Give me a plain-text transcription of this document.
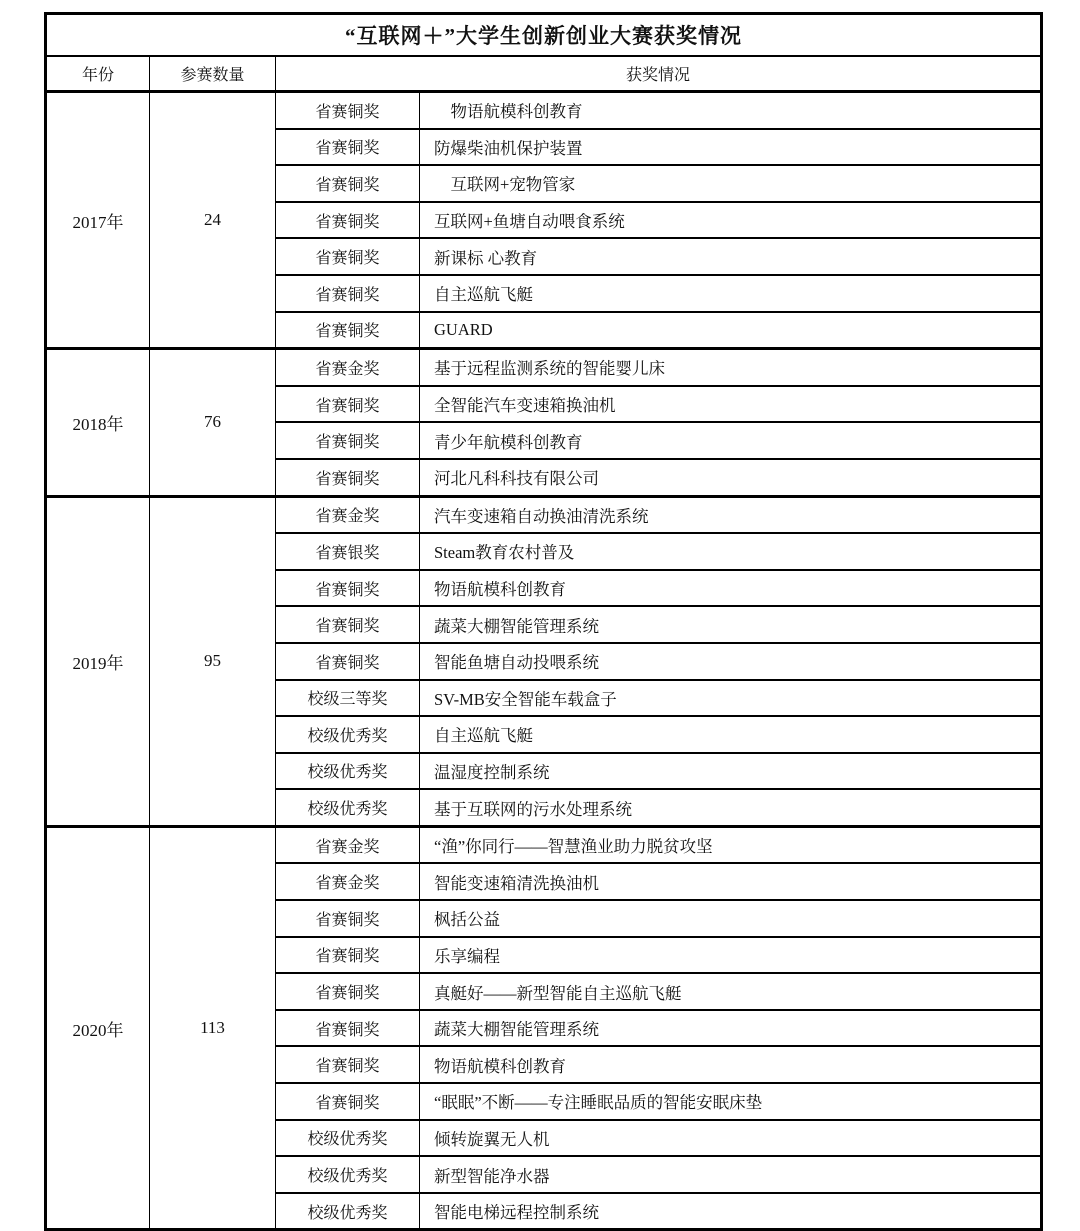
“互联网＋”大学生创新创业大赛获奖情况			
年份	参赛数量	获奖情况	
2017年	24	省赛铜奖	　物语航模科创教育
		省赛铜奖	防爆柴油机保护装置
		省赛铜奖	　互联网+宠物管家
		省赛铜奖	互联网+鱼塘自动喂食系统
		省赛铜奖	新课标 心教育
		省赛铜奖	自主巡航飞艇
		省赛铜奖	GUARD
2018年	76	省赛金奖	基于远程监测系统的智能婴儿床
		省赛铜奖	全智能汽车变速箱换油机
		省赛铜奖	青少年航模科创教育
		省赛铜奖	河北凡科科技有限公司
2019年	95	省赛金奖	汽车变速箱自动换油清洗系统
		省赛银奖	Steam教育农村普及
		省赛铜奖	物语航模科创教育
		省赛铜奖	蔬菜大棚智能管理系统
		省赛铜奖	智能鱼塘自动投喂系统
		校级三等奖	SV-MB安全智能车载盒子
		校级优秀奖	自主巡航飞艇
		校级优秀奖	温湿度控制系统
		校级优秀奖	基于互联网的污水处理系统
2020年	113	省赛金奖	“渔”你同行——智慧渔业助力脱贫攻坚
		省赛金奖	智能变速箱清洗换油机
		省赛铜奖	枫括公益
		省赛铜奖	乐享编程
		省赛铜奖	真艇好——新型智能自主巡航飞艇
		省赛铜奖	蔬菜大棚智能管理系统
		省赛铜奖	物语航模科创教育
		省赛铜奖	“眠眠”不断——专注睡眠品质的智能安眠床垫
		校级优秀奖	倾转旋翼无人机
		校级优秀奖	新型智能净水器
		校级优秀奖	智能电梯远程控制系统
